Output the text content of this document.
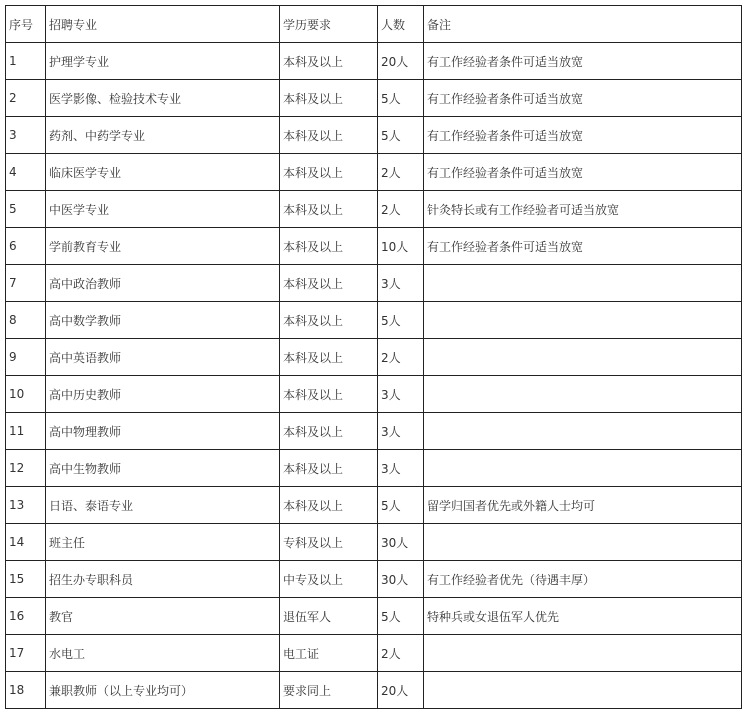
序号	招聘专业	学历要求	人数	备注
1	护理学专业	本科及以上	20人	有工作经验者条件可适当放宽
2	医学影像、检验技术专业	本科及以上	5人	有工作经验者条件可适当放宽
3	药剂、中药学专业	本科及以上	5人	有工作经验者条件可适当放宽
4	临床医学专业	本科及以上	2人	有工作经验者条件可适当放宽
5	中医学专业	本科及以上	2人	针灸特长或有工作经验者可适当放宽
6	学前教育专业	本科及以上	10人	有工作经验者条件可适当放宽
7	高中政治教师	本科及以上	3人	
8	高中数学教师	本科及以上	5人	
9	高中英语教师	本科及以上	2人	
10	高中历史教师	本科及以上	3人	
11	高中物理教师	本科及以上	3人	
12	高中生物教师	本科及以上	3人	
13	日语、泰语专业	本科及以上	5人	留学归国者优先或外籍人士均可
14	班主任	专科及以上	30人	
15	招生办专职科员	中专及以上	30人	有工作经验者优先（待遇丰厚）
16	教官	退伍军人	5人	特种兵或女退伍军人优先
17	水电工	电工证	2人	
18	兼职教师（以上专业均可）	要求同上	20人	
